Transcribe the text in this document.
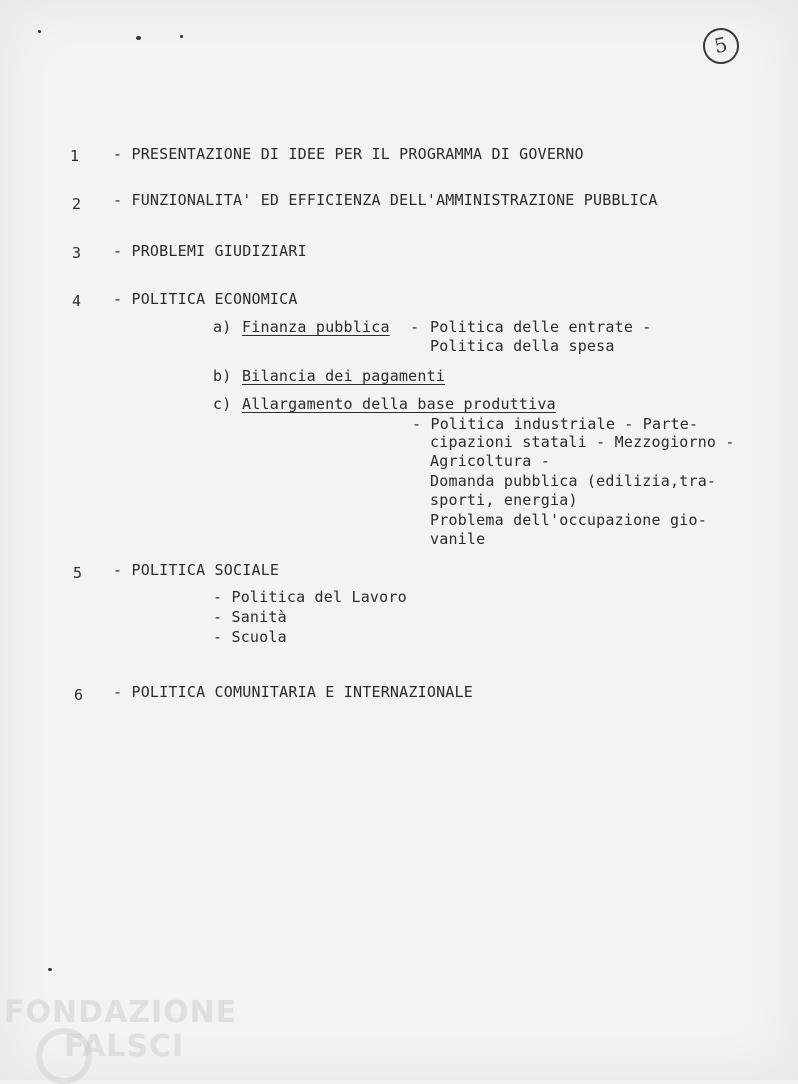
5
1 - PRESENTAZIONE DI IDEE PER IL PROGRAMMA DI GOVERNO
2 - FUNZIONALITA' ED EFFICIENZA DELL'AMMINISTRAZIONE PUBBLICA
3 - PROBLEMI GIUDIZIARI
4 - POLITICA ECONOMICA
a) Finanza pubblica - Politica delle entrate -
Politica della spesa
b) Bilancia dei pagamenti
c) Allargamento della base produttiva
- Politica industriale - Parte-
cipazioni statali - Mezzogiorno -
Agricoltura -
Domanda pubblica (edilizia,tra-
sporti, energia)
Problema dell'occupazione gio-
vanile
5 - POLITICA SOCIALE
- Politica del Lavoro
- Sanità
- Scuola
6 - POLITICA COMUNITARIA E INTERNAZIONALE
FONDAZIONE
FALSCI
